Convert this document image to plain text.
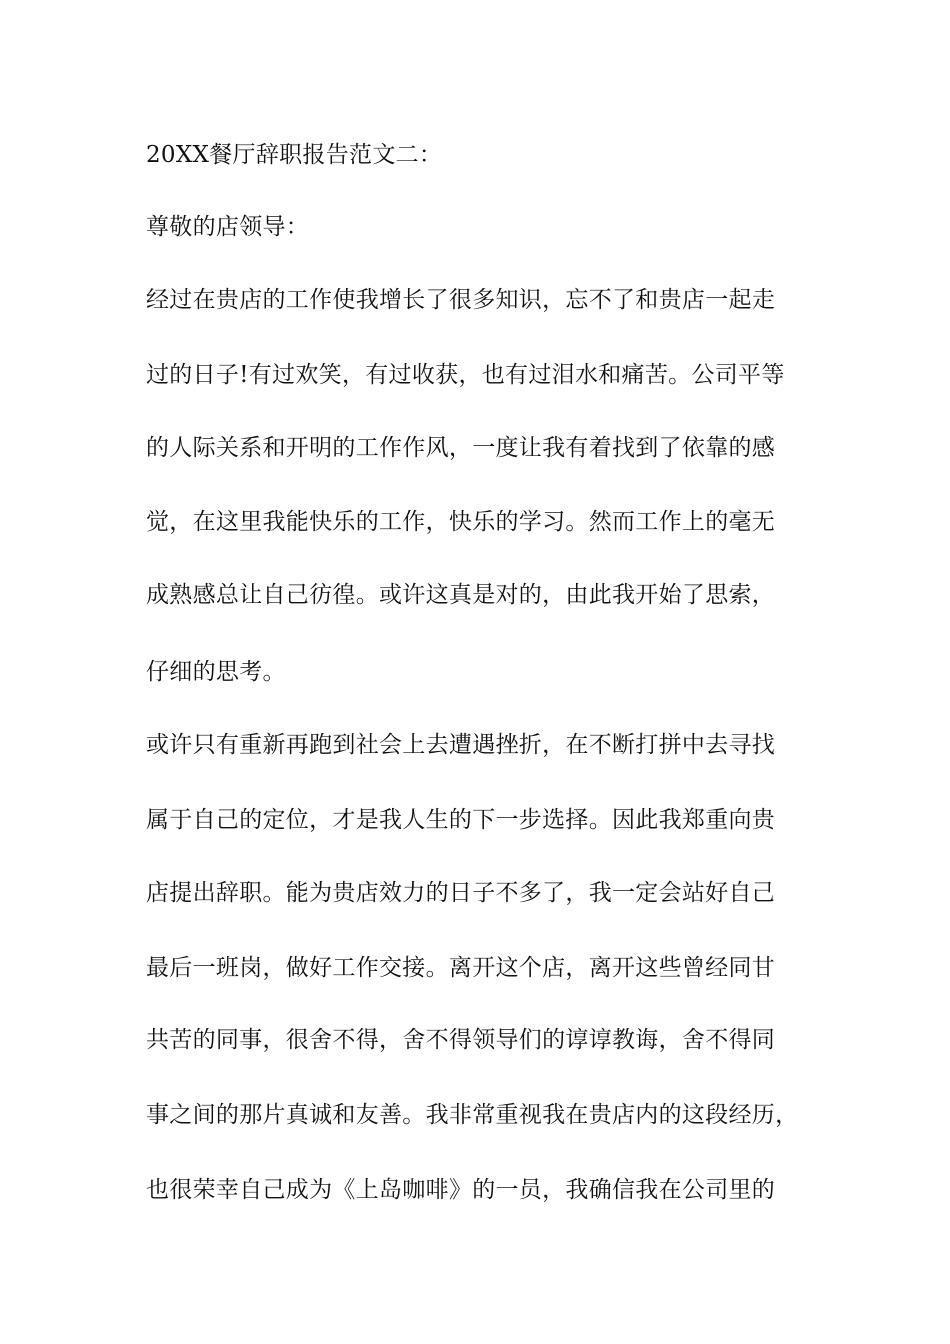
20XX餐厅辞职报告范文二：
尊敬的店领导：
经过在贵店的工作使我增长了很多知识，忘不了和贵店一起走
过的日子!有过欢笑，有过收获，也有过泪水和痛苦。公司平等
的人际关系和开明的工作作风，一度让我有着找到了依靠的感
觉，在这里我能快乐的工作，快乐的学习。然而工作上的毫无
成熟感总让自己彷徨。或许这真是对的，由此我开始了思索，
仔细的思考。
或许只有重新再跑到社会上去遭遇挫折，在不断打拼中去寻找
属于自己的定位，才是我人生的下一步选择。因此我郑重向贵
店提出辞职。能为贵店效力的日子不多了，我一定会站好自己
最后一班岗，做好工作交接。离开这个店，离开这些曾经同甘
共苦的同事，很舍不得，舍不得领导们的谆谆教诲，舍不得同
事之间的那片真诚和友善。我非常重视我在贵店内的这段经历，
也很荣幸自己成为《上岛咖啡》的一员，我确信我在公司里的
